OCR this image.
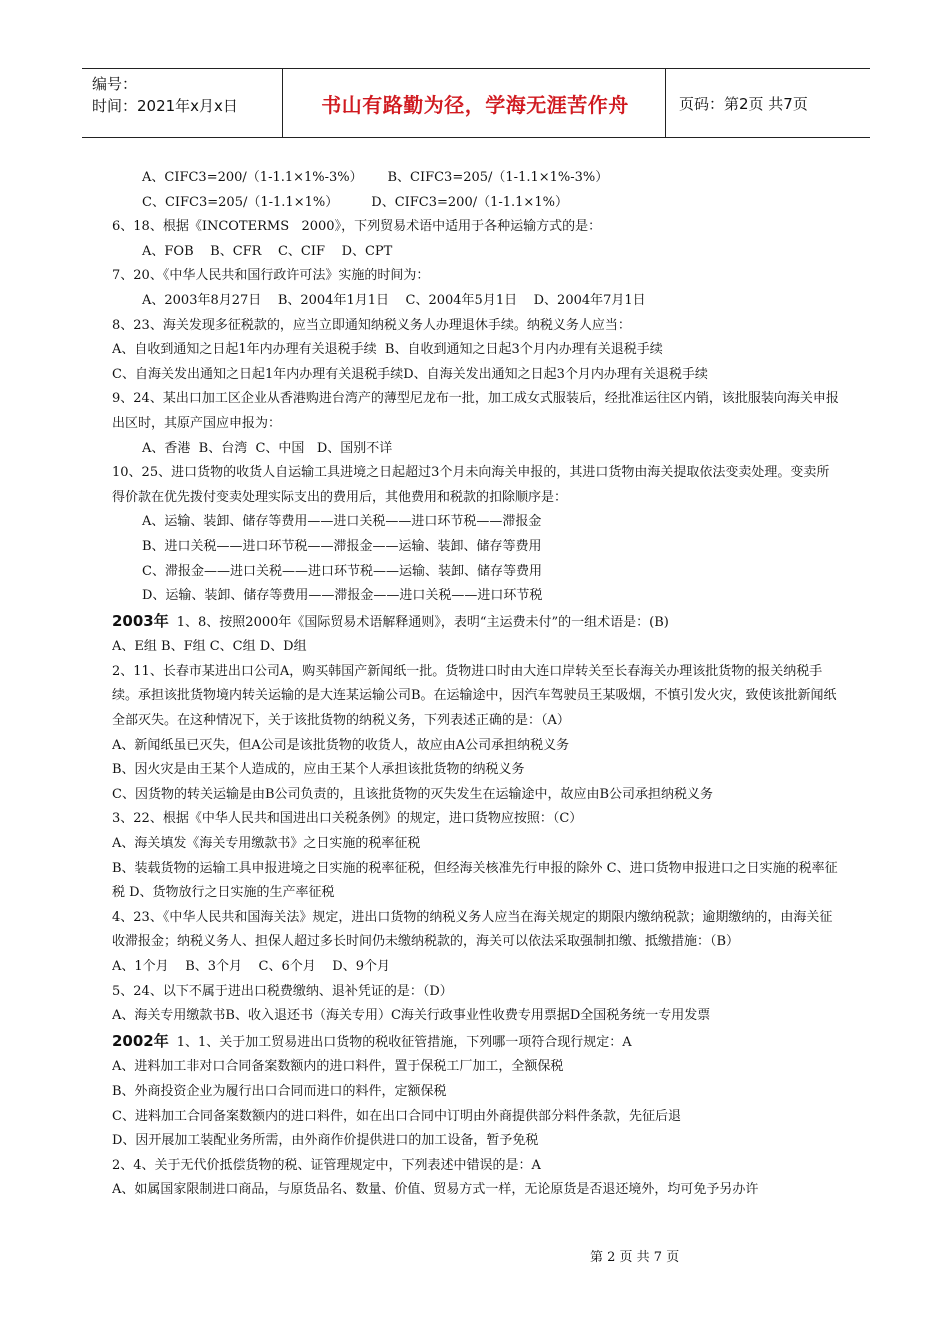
编号：
时间：2021年x月x日	书山有路勤为径，学海无涯苦作舟	页码：第2页 共7页
A、CIFC3=200/（1-1.1×1%-3%）      B、CIFC3=205/（1-1.1×1%-3%）
C、CIFC3=205/（1-1.1×1%）        D、CIFC3=200/（1-1.1×1%）
6、18、根据《INCOTERMS   2000》，下列贸易术语中适用于各种运输方式的是：
A、FOB    B、CFR    C、CIF    D、CPT
7、20、《中华人民共和国行政许可法》实施的时间为：
A、2003年8月27日    B、2004年1月1日    C、2004年5月1日    D、2004年7月1日
8、23、海关发现多征税款的，应当立即通知纳税义务人办理退休手续。纳税义务人应当：
A、自收到通知之日起1年内办理有关退税手续  B、自收到通知之日起3个月内办理有关退税手续
C、自海关发出通知之日起1年内办理有关退税手续D、自海关发出通知之日起3个月内办理有关退税手续
9、24、某出口加工区企业从香港购进台湾产的薄型尼龙布一批，加工成女式服装后，经批准运往区内销，该批服装向海关申报出区时，其原产国应申报为：
A、香港  B、台湾  C、中国   D、国别不详
10、25、进口货物的收货人自运输工具进境之日起超过3个月未向海关申报的，其进口货物由海关提取依法变卖处理。变卖所得价款在优先拨付变卖处理实际支出的费用后，其他费用和税款的扣除顺序是：
A、运输、装卸、储存等费用——进口关税——进口环节税——滞报金
B、进口关税——进口环节税——滞报金——运输、装卸、储存等费用
C、滞报金——进口关税——进口环节税——运输、装卸、储存等费用
D、运输、装卸、储存等费用——滞报金——进口关税——进口环节税
2003年 1、8、按照2000年《国际贸易术语解释通则》，表明“主运费未付”的一组术语是：(B)
A、E组 B、F组 C、C组 D、D组
2、11、长春市某进出口公司A，购买韩国产新闻纸一批。货物进口时由大连口岸转关至长春海关办理该批货物的报关纳税手续。承担该批货物境内转关运输的是大连某运输公司B。在运输途中，因汽车驾驶员王某吸烟，不慎引发火灾，致使该批新闻纸全部灭失。在这种情况下，关于该批货物的纳税义务，下列表述正确的是：（A）
A、新闻纸虽已灭失，但A公司是该批货物的收货人，故应由A公司承担纳税义务
B、因火灾是由王某个人造成的，应由王某个人承担该批货物的纳税义务
C、因货物的转关运输是由B公司负责的，且该批货物的灭失发生在运输途中，故应由B公司承担纳税义务
3、22、根据《中华人民共和国进出口关税条例》的规定，进口货物应按照：（C）
A、海关填发《海关专用缴款书》之日实施的税率征税
B、装载货物的运输工具申报进境之日实施的税率征税，但经海关核准先行申报的除外 C、进口货物申报进口之日实施的税率征税 D、货物放行之日实施的生产率征税
4、23、《中华人民共和国海关法》规定，进出口货物的纳税义务人应当在海关规定的期限内缴纳税款；逾期缴纳的，由海关征收滞报金；纳税义务人、担保人超过多长时间仍未缴纳税款的，海关可以依法采取强制扣缴、抵缴措施：（B）
A、1个月    B、3个月    C、6个月    D、9个月
5、24、以下不属于进出口税费缴纳、退补凭证的是：（D）
A、海关专用缴款书B、收入退还书（海关专用）C海关行政事业性收费专用票据D全国税务统一专用发票
2002年 1、1、关于加工贸易进出口货物的税收征管措施，下列哪一项符合现行规定：A
A、进料加工非对口合同备案数额内的进口料件，置于保税工厂加工，全额保税
B、外商投资企业为履行出口合同而进口的料件，定额保税
C、进料加工合同备案数额内的进口料件，如在出口合同中订明由外商提供部分料件条款，先征后退
D、因开展加工装配业务所需，由外商作价提供进口的加工设备，暂予免税
2、4、关于无代价抵偿货物的税、证管理规定中，下列表述中错误的是：A
A、如属国家限制进口商品，与原货品名、数量、价值、贸易方式一样，无论原货是否退还境外，均可免予另办许
第 2 页 共 7 页
